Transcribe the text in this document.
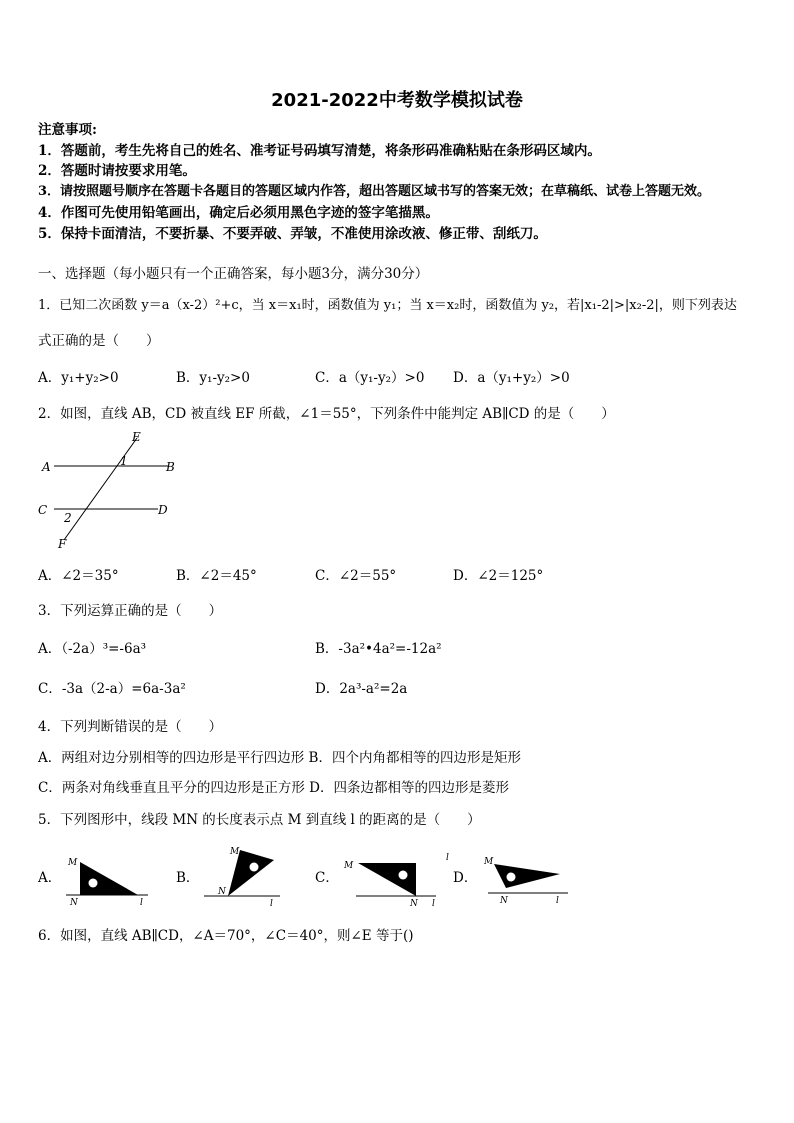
2021-2022中考数学模拟试卷
注意事项:
1．答题前，考生先将自己的姓名、准考证号码填写清楚，将条形码准确粘贴在条形码区域内。
2．答题时请按要求用笔。
3．请按照题号顺序在答题卡各题目的答题区域内作答，超出答题区域书写的答案无效；在草稿纸、试卷上答题无效。
4．作图可先使用铅笔画出，确定后必须用黑色字迹的签字笔描黑。
5．保持卡面清洁，不要折暴、不要弄破、弄皱，不准使用涂改液、修正带、刮纸刀。
一、选择题（每小题只有一个正确答案，每小题3分，满分30分）
1．已知二次函数 y＝a（x-2）²+c，当 x＝x₁时，函数值为 y₁；当 x＝x₂时，函数值为 y₂，若|x₁-2|>|x₂-2|，则下列表达
式正确的是（　　）
A．y₁+y₂>0	B．y₁-y₂>0	C．a（y₁-y₂）>0 D．a（y₁+y₂）>0
2．如图，直线 AB，CD 被直线 EF 所截，∠1＝55°，下列条件中能判定 AB∥CD 的是（　　）
E
A	B
C	D
F
1
2
A．∠2＝35°	B．∠2＝45°	C．∠2＝55°	D．∠2＝125°
3．下列运算正确的是（　　）
A．（-2a）³=-6a³	B．-3a²•4a²=-12a²
C．-3a（2-a）=6a-3a²	D．2a³-a²=2a
4．下列判断错误的是（　　）
A．两组对边分别相等的四边形是平行四边形 B．四个内角都相等的四边形是矩形
C．两条对角线垂直且平分的四边形是正方形 D．四条边都相等的四边形是菱形
5．下列图形中，线段 MN 的长度表示点 M 到直线 l 的距离的是（　　）
A．
M
N	l
B．
M
N
l
C．
M
N l
l
D．
M
N	l
6．如图，直线 AB∥CD，∠A＝70°，∠C＝40°，则∠E 等于()
